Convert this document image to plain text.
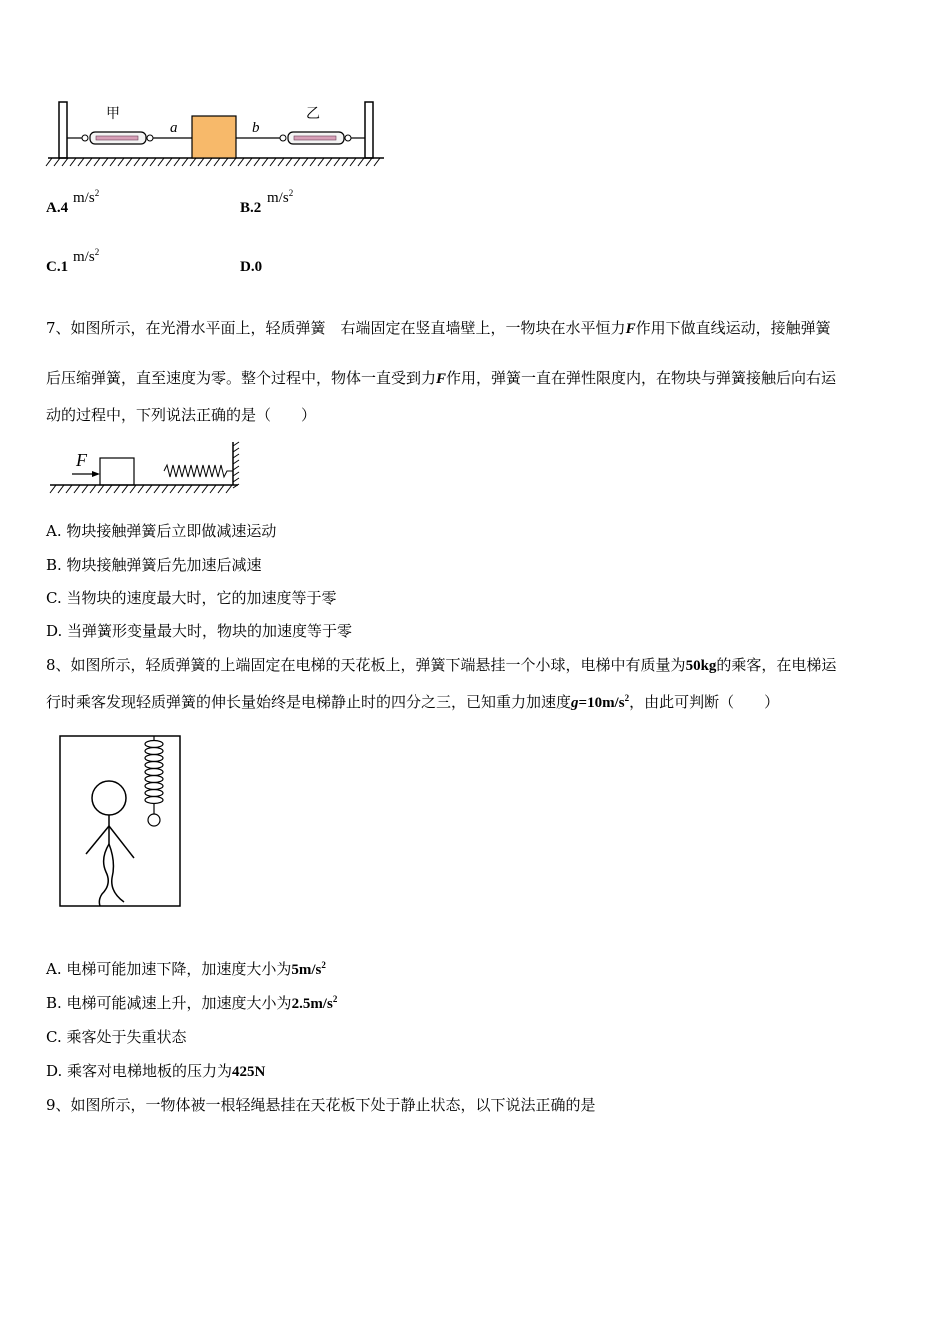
甲
a	b
乙
A.4
$m/s^2$
B.2
$m/s^2$
C.1
$m/s^2$
D.0
7、如图所示，在光滑水平面上，轻质弹簧　右端固定在竖直墙壁上，一物块在水平恒力F作用下做直线运动，接触弹簧
后压缩弹簧，直至速度为零。整个过程中，物体一直受到力F作用，弹簧一直在弹性限度内，在物块与弹簧接触后向右运
动的过程中，下列说法正确的是（　　）
F
A. 物块接触弹簧后立即做减速运动
B. 物块接触弹簧后先加速后减速
C. 当物块的速度最大时，它的加速度等于零
D. 当弹簧形变量最大时，物块的加速度等于零
8、如图所示，轻质弹簧的上端固定在电梯的天花板上，弹簧下端悬挂一个小球，电梯中有质量为50kg的乘客，在电梯运
行时乘客发现轻质弹簧的伸长量始终是电梯静止时的四分之三，已知重力加速度$g=10m/s^2$，由此可判断（　　）
A. 电梯可能加速下降，加速度大小为$5m/s^2$
B. 电梯可能减速上升，加速度大小为$2.5m/s^2$
C. 乘客处于失重状态
D. 乘客对电梯地板的压力为425N
9、如图所示，一物体被一根轻绳悬挂在天花板下处于静止状态，以下说法正确的是
